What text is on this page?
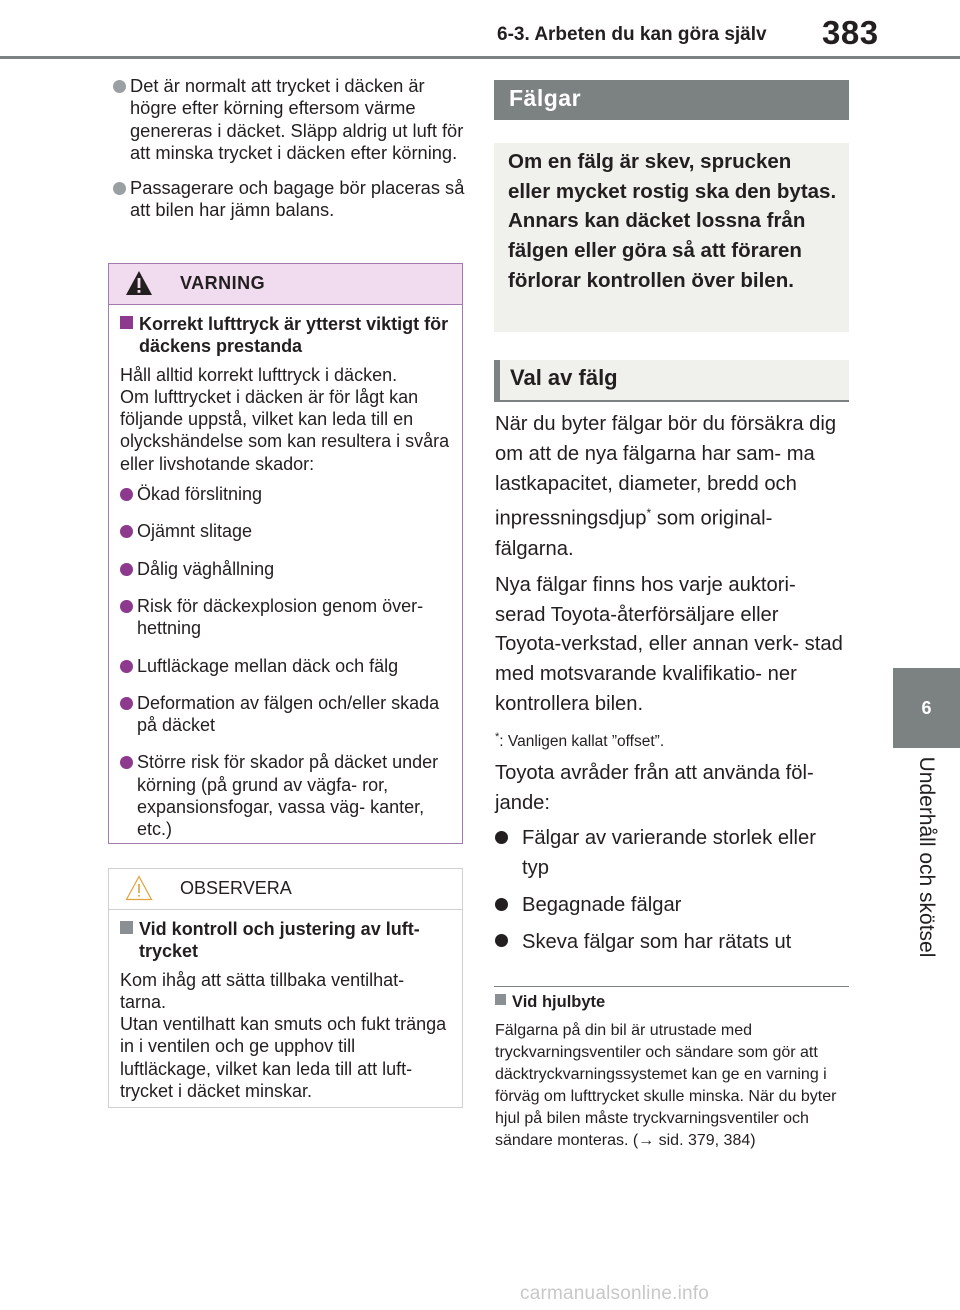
6-3. Arbeten du kan göra själv 383
6
Underhåll och skötsel
Det är normalt att trycket i däcken är högre efter körning eftersom värme genereras i däcket. Släpp aldrig ut luft för att minska trycket i däcken efter körning.
Passagerare och bagage bör placeras så att bilen har jämn balans.
VARNING
Korrekt lufttryck är ytterst viktigt för däckens prestanda
Håll alltid korrekt lufttryck i däcken.
Om lufttrycket i däcken är för lågt kan följande uppstå, vilket kan leda till en olyckshändelse som kan resultera i svåra eller livshotande skador:
Ökad förslitning
Ojämnt slitage
Dålig väghållning
Risk för däckexplosion genom över- hettning
Luftläckage mellan däck och fälg
Deformation av fälgen och/eller skada på däcket
Större risk för skador på däcket under körning (på grund av vägfa- ror, expansionsfogar, vassa väg- kanter, etc.)
OBSERVERA
Vid kontroll och justering av luft- trycket
Kom ihåg att sätta tillbaka ventilhat- tarna.
Utan ventilhatt kan smuts och fukt tränga in i ventilen och ge upphov till luftläckage, vilket kan leda till att luft- trycket i däcket minskar.
Fälgar
Om en fälg är skev, sprucken eller mycket rostig ska den bytas. Annars kan däcket lossna från fälgen eller göra så att föraren förlorar kontrollen över bilen.
Val av fälg

När du byter fälgar bör du försäkra dig om att de nya fälgarna har sam- ma lastkapacitet, diameter, bredd och inpressningsdjup* som original- fälgarna.

Nya fälgar finns hos varje auktori- serad Toyota-återförsäljare eller Toyota-verkstad, eller annan verk- stad med motsvarande kvalifikatio- ner kontrollera bilen.

*: Vanligen kallat ”offset”.

Toyota avråder från att använda föl- jande:

Fälgar av varierande storlek eller typ
Begagnade fälgar
Skeva fälgar som har rätats ut
Vid hjulbyte
Fälgarna på din bil är utrustade med tryckvarningsventiler och sändare som gör att däcktryckvarningssystemet kan ge en varning i förväg om lufttrycket skulle minska. När du byter hjul på bilen måste tryckvarningsventiler och sändare monteras. (→ sid. 379, 384)
carmanualsonline.info
